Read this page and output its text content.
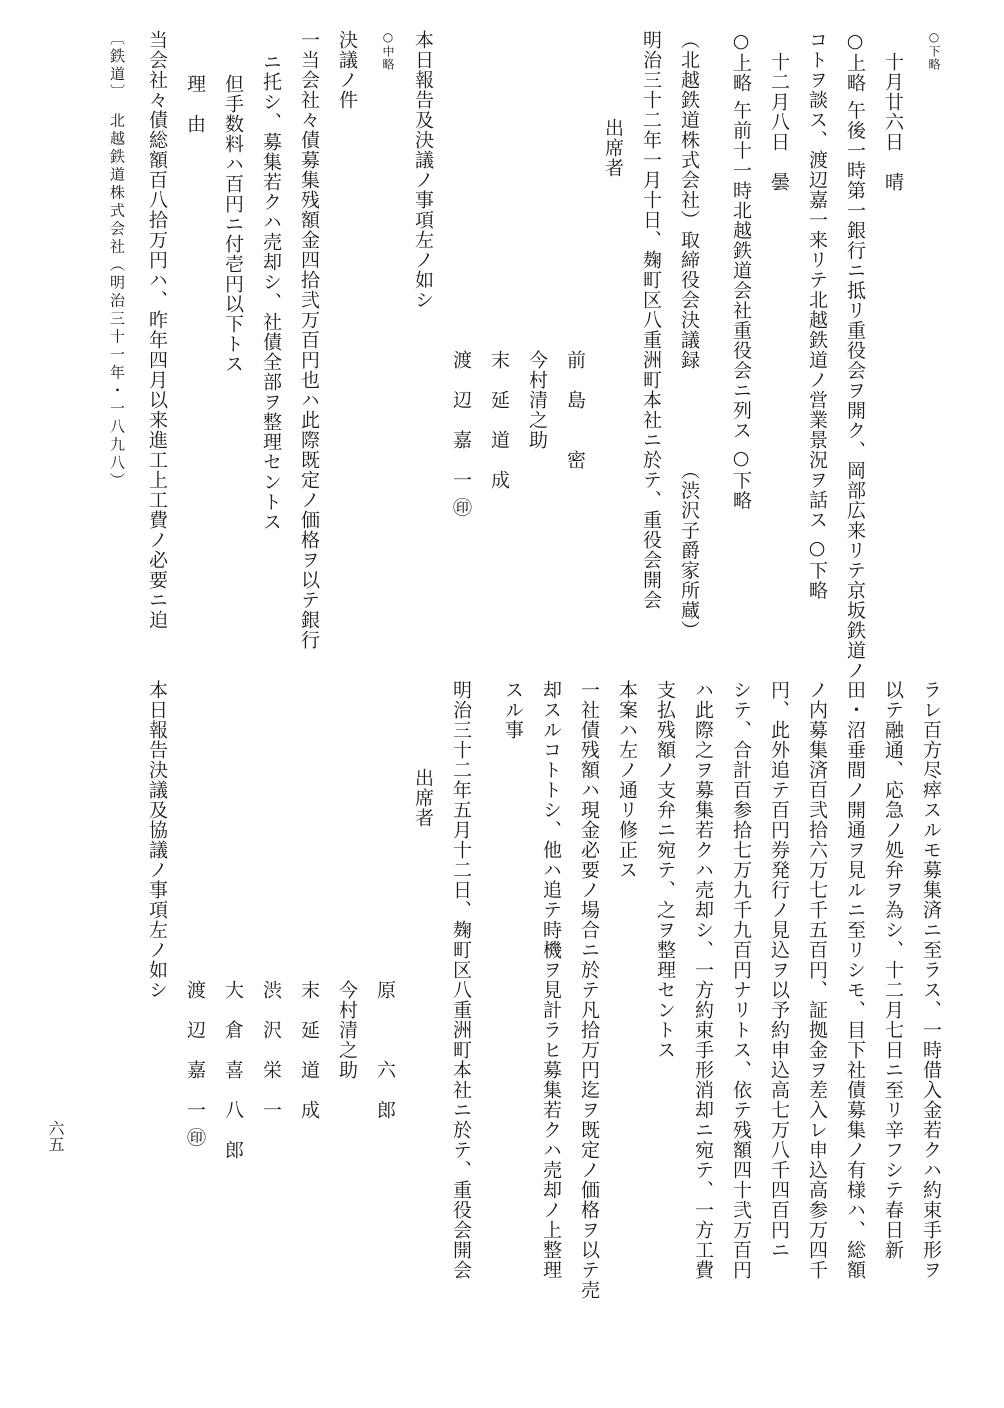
○下略
十月廿六日　晴
○上略 午後一時第一銀行ニ抵リ重役会ヲ開ク、岡部広来リテ京坂鉄道ノ
コトヲ談ス、渡辺嘉一来リテ北越鉄道ノ営業景況ヲ話ス ○下略
十二月八日　曇
○上略 午前十一時北越鉄道会社重役会ニ列ス ○下略
（北越鉄道株式会社）取締役会決議録　　　　　（渋沢子爵家所蔵）
明治三十二年一月十日、麹町区八重洲町本社ニ於テ、重役会開会
出席者
前　島　　密
今村清之助
末　延　道　成
渡　辺　嘉　一 ㊞
本日報告及決議ノ事項左ノ如シ
○中略
決議ノ件
一当会社々債募集残額金四拾弐万百円也ハ此際既定ノ価格ヲ以テ銀行
ニ托シ、募集若クハ売却シ、社債全部ヲ整理セントス
但手数料ハ百円ニ付壱円以下トス
理　由
当会社々債総額百八拾万円ハ、昨年四月以来進工上工費ノ必要ニ迫
〔鉄道〕　北越鉄道株式会社（明治三十一年・一八九八）
ラレ百方尽瘁スルモ募集済ニ至ラス、一時借入金若クハ約束手形ヲ
以テ融通、応急ノ処弁ヲ為シ、十二月七日ニ至リ辛フシテ春日新
田・沼垂間ノ開通ヲ見ルニ至リシモ、目下社債募集ノ有様ハ、総額
ノ内募集済百弐拾六万七千五百円、証拠金ヲ差入レ申込高参万四千
円、此外追テ百円券発行ノ見込ヲ以予約申込高七万八千四百円ニ
シテ、合計百参拾七万九千九百円ナリトス、依テ残額四十弐万百円
ハ此際之ヲ募集若クハ売却シ、一方約束手形消却ニ宛テ、一方工費
支払残額ノ支弁ニ宛テ、之ヲ整理セントス
本案ハ左ノ通リ修正ス
一社債残額ハ現金必要ノ場合ニ於テ凡拾万円迄ヲ既定ノ価格ヲ以テ売
却スルコトトシ、他ハ追テ時機ヲ見計ラヒ募集若クハ売却ノ上整理
スル事
明治三十二年五月十二日、麹町区八重洲町本社ニ於テ、重役会開会
出席者
原　　　六　郎
今村清之助
末　延　道　成
渋　沢　栄　一
大　倉　喜　八　郎
渡　辺　嘉　一 ㊞
本日報告決議及協議ノ事項左ノ如シ
六五
